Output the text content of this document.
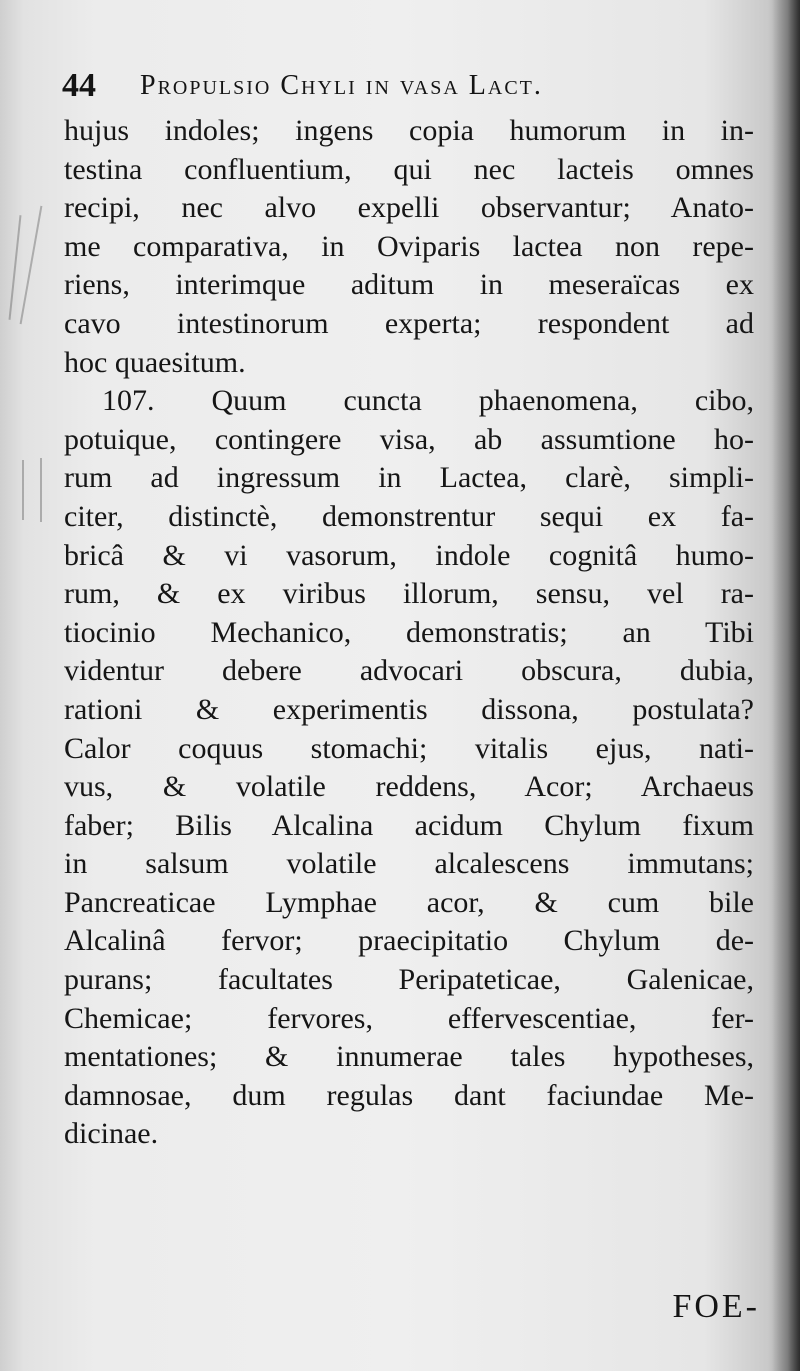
44 Propulsio Chyli in vasa Lact.
hujus indoles; ingens copia humorum in in-
testina confluentium, qui nec lacteis omnes
recipi, nec alvo expelli observantur; Anato-
me comparativa, in Oviparis lactea non repe-
riens, interimque aditum in meseraïcas ex
cavo intestinorum experta; respondent ad
hoc quaesitum.
107. Quum cuncta phaenomena, cibo,
potuique, contingere visa, ab assumtione ho-
rum ad ingressum in Lactea, clarè, simpli-
citer, distinctè, demonstrentur sequi ex fa-
bricâ & vi vasorum, indole cognitâ humo-
rum, & ex viribus illorum, sensu, vel ra-
tiocinio Mechanico, demonstratis; an Tibi
videntur debere advocari obscura, dubia,
rationi & experimentis dissona, postulata?
Calor coquus stomachi; vitalis ejus, nati-
vus, & volatile reddens, Acor; Archaeus
faber; Bilis Alcalina acidum Chylum fixum
in salsum volatile alcalescens immutans;
Pancreaticae Lymphae acor, & cum bile
Alcalinâ fervor; praecipitatio Chylum de-
purans; facultates Peripateticae, Galenicae,
Chemicae; fervores, effervescentiae, fer-
mentationes; & innumerae tales hypotheses,
damnosae, dum regulas dant faciundae Me-
dicinae.
FOE-
